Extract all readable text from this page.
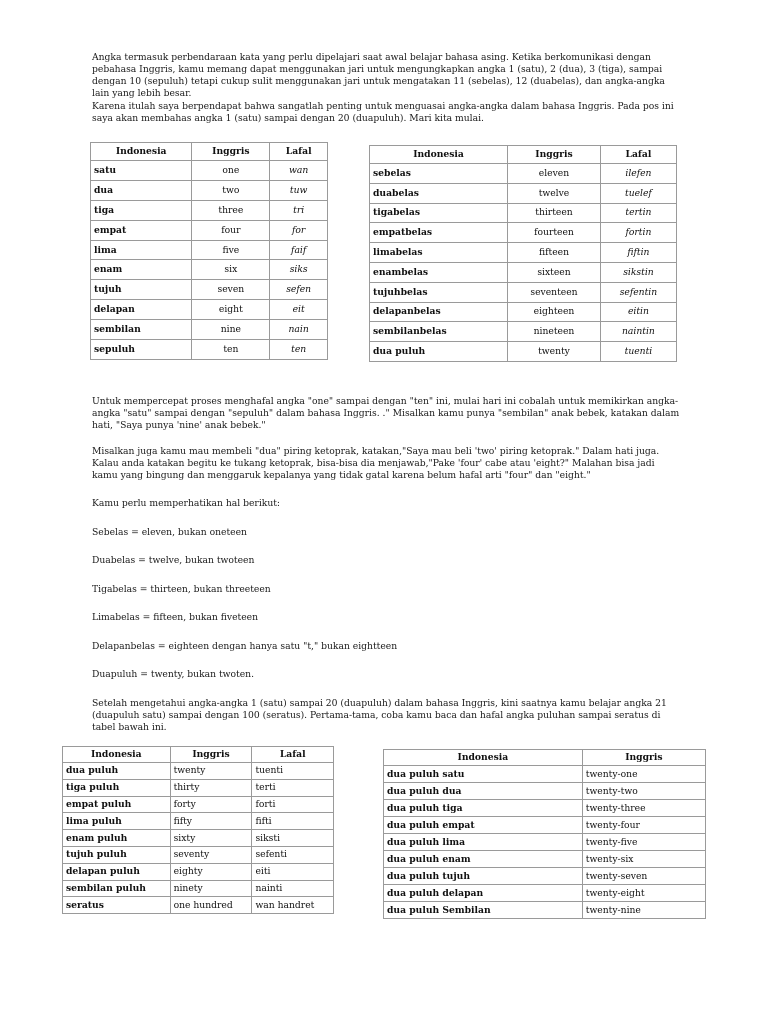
Angka termasuk perbendaraan kata yang perlu dipelajari saat awal belajar bahasa asing. Ketika berkomunikasi dengan pebahasa Inggris, kamu memang dapat menggunakan jari untuk mengungkapkan angka 1 (satu), 2 (dua), 3 (tiga), sampai dengan 10 (sepuluh) tetapi cukup sulit menggunakan jari untuk mengatakan 11 (sebelas), 12 (duabelas), dan angka-angka lain yang lebih besar.

Karena itulah saya berpendapat bahwa sangatlah penting untuk menguasai angka-angka dalam bahasa Inggris. Pada pos ini saya akan membahas angka 1 (satu) sampai dengan 20 (duapuluh). Mari kita mulai.

Indonesia	Inggris	Lafal
satu	one	wan
dua	two	tuw
tiga	three	tri
empat	four	for
lima	five	faif
enam	six	siks
tujuh	seven	sefen
delapan	eight	eit
sembilan	nine	nain
sepuluh	ten	ten
Indonesia	Inggris	Lafal
sebelas	eleven	ilefen
duabelas	twelve	tuelef
tigabelas	thirteen	tertin
empatbelas	fourteen	fortin
limabelas	fifteen	fiftin
enambelas	sixteen	sikstin
tujuhbelas	seventeen	sefentin
delapanbelas	eighteen	eitin
sembilanbelas	nineteen	naintin
dua puluh	twenty	tuenti

Untuk mempercepat proses menghafal angka "one" sampai dengan "ten" ini, mulai hari ini cobalah untuk memikirkan angka-angka "satu" sampai dengan "sepuluh" dalam bahasa Inggris. ." Misalkan kamu punya "sembilan" anak bebek, katakan dalam hati, "Saya punya 'nine' anak bebek."

Misalkan juga kamu mau membeli "dua" piring ketoprak, katakan,"Saya mau beli 'two' piring ketoprak." Dalam hati juga. Kalau anda katakan begitu ke tukang ketoprak, bisa-bisa dia menjawab,"Pake 'four' cabe atau 'eight?" Malahan bisa jadi kamu yang bingung dan menggaruk kepalanya yang tidak gatal karena belum hafal arti "four" dan "eight."

Kamu perlu memperhatikan hal berikut:

Sebelas = eleven, bukan oneteen

Duabelas = twelve, bukan twoteen

Tigabelas = thirteen, bukan threeteen

Limabelas = fifteen, bukan fiveteen

Delapanbelas = eighteen dengan hanya satu "t," bukan eightteen

Duapuluh = twenty, bukan twoten.

Setelah mengetahui angka-angka 1 (satu) sampai 20 (duapuluh) dalam bahasa Inggris, kini saatnya kamu belajar angka 21 (duapuluh satu) sampai dengan 100 (seratus). Pertama-tama, coba kamu baca dan hafal angka puluhan sampai seratus di tabel bawah ini.

Indonesia	Inggris	Lafal
dua puluh	twenty	tuenti
tiga puluh	thirty	terti
empat puluh	forty	forti
lima puluh	fifty	fifti
enam puluh	sixty	siksti
tujuh puluh	seventy	sefenti
delapan puluh	eighty	eiti
sembilan puluh	ninety	nainti
seratus	one hundred	wan handret
Indonesia	Inggris
dua puluh satu	twenty-one
dua puluh dua	twenty-two
dua puluh tiga	twenty-three
dua puluh empat	twenty-four
dua puluh lima	twenty-five
dua puluh enam	twenty-six
dua puluh tujuh	twenty-seven
dua puluh delapan	twenty-eight
dua puluh Sembilan	twenty-nine
